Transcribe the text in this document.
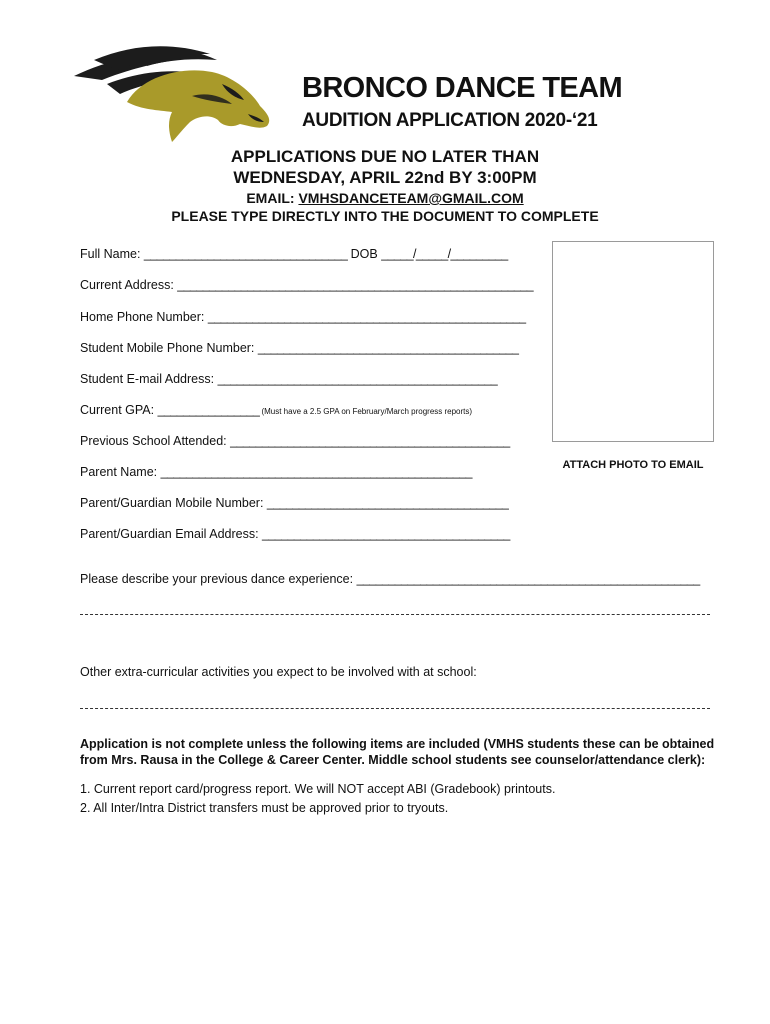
BRONCO DANCE TEAM
AUDITION APPLICATION 2020-‘21
APPLICATIONS DUE NO LATER THAN
WEDNESDAY, APRIL 22nd BY 3:00PM
EMAIL: VMHSDANCETEAM@GMAIL.COM
PLEASE TYPE DIRECTLY INTO THE DOCUMENT TO COMPLETE
Full Name: ________________________________ DOB _____/_____/_________
Current Address: ________________________________________________________
Home Phone Number: __________________________________________________
Student Mobile Phone Number: _________________________________________
Student E-mail Address: ____________________________________________
Current GPA: ________________ (Must have a 2.5 GPA on February/March progress reports)
Previous School Attended: ____________________________________________
Parent Name: _________________________________________________
Parent/Guardian Mobile Number: ______________________________________
Parent/Guardian Email Address: _______________________________________
ATTACH PHOTO TO EMAIL
Please describe your previous dance experience: ______________________________________________________
Other extra-curricular activities you expect to be involved with at school:
Application is not complete unless the following items are included (VMHS students these can be obtained from Mrs. Rausa in the College & Career Center. Middle school students see counselor/attendance clerk):
1. Current report card/progress report. We will NOT accept ABI (Gradebook) printouts.
2. All Inter/Intra District transfers must be approved prior to tryouts.
